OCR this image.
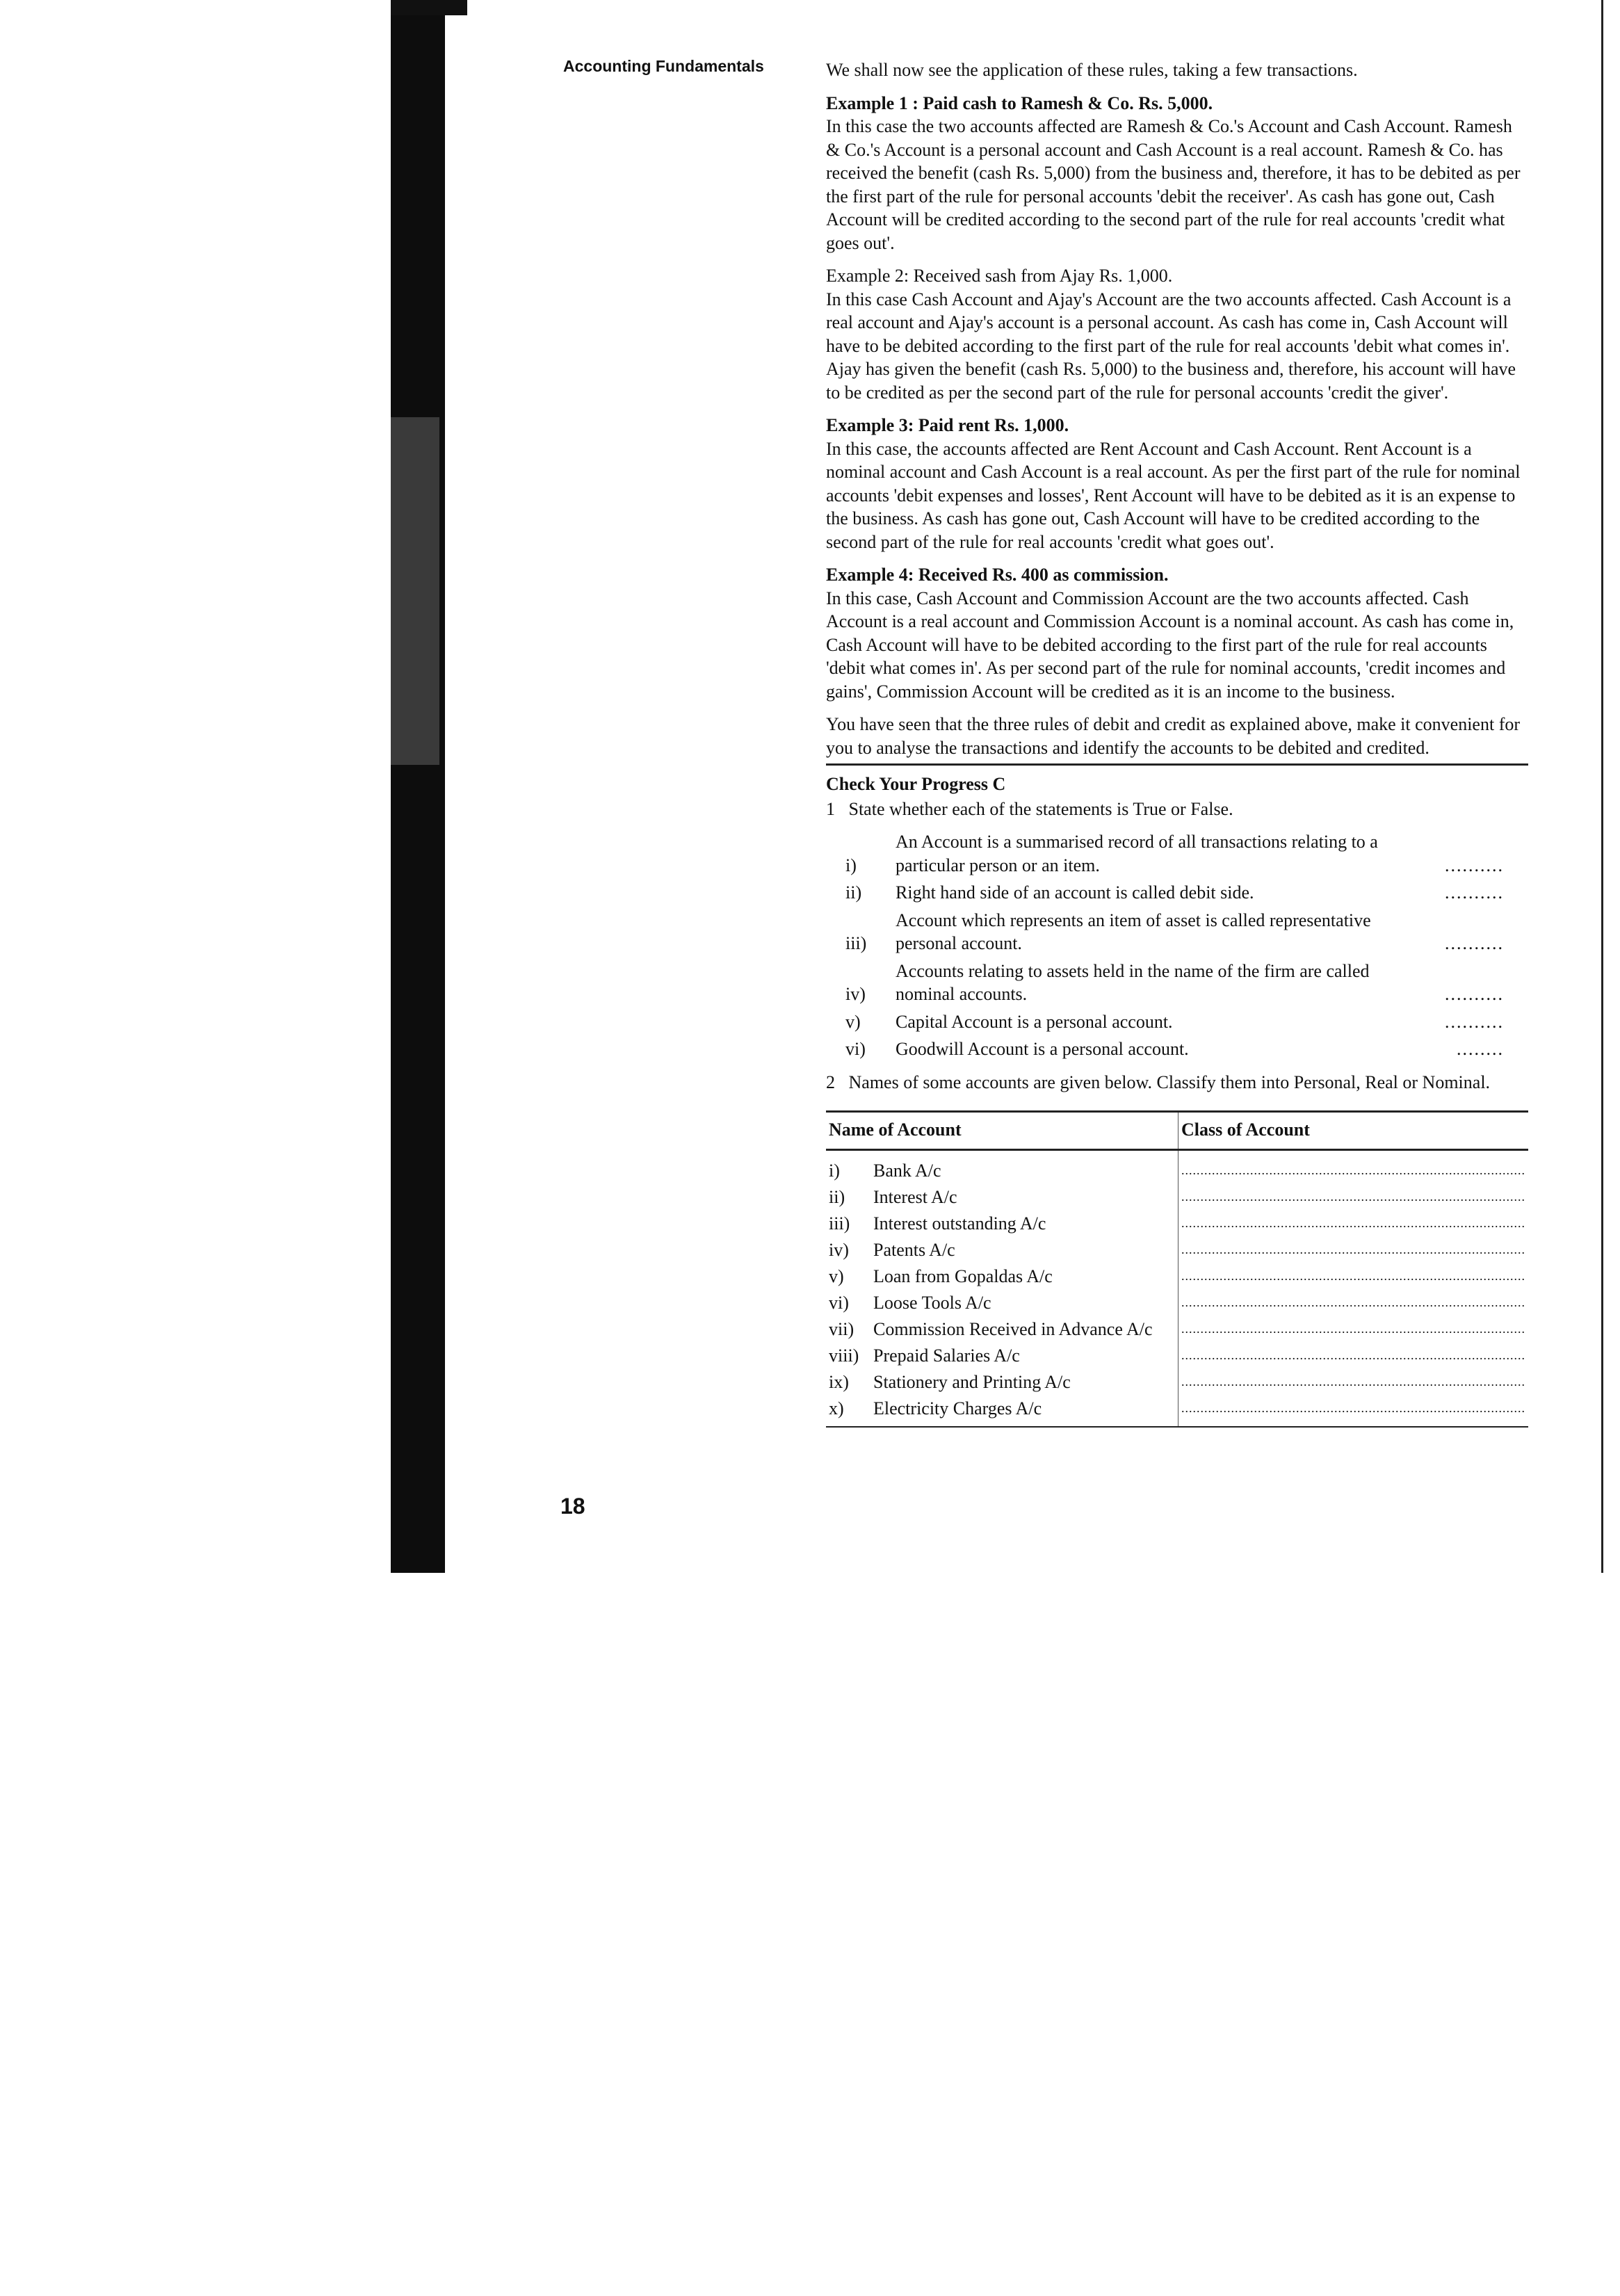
Accounting Fundamentals
18

We shall now see the application of these rules, taking a few transactions.

Example 1 : Paid cash to Ramesh & Co. Rs. 5,000.
In this case the two accounts affected are Ramesh & Co.'s Account and Cash Account. Ramesh & Co.'s Account is a personal account and Cash Account is a real account. Ramesh & Co. has received the benefit (cash Rs. 5,000) from the business and, therefore, it has to be debited as per the first part of the rule for personal accounts 'debit the receiver'. As cash has gone out, Cash Account will be credited according to the second part of the rule for real accounts 'credit what goes out'.

Example 2: Received sash from Ajay Rs. 1,000.
In this case Cash Account and Ajay's Account are the two accounts affected. Cash Account is a real account and Ajay's account is a personal account. As cash has come in, Cash Account will have to be debited according to the first part of the rule for real accounts 'debit what comes in'. Ajay has given the benefit (cash Rs. 5,000) to the business and, therefore, his account will have to be credited as per the second part of the rule for personal accounts 'credit the giver'.

Example 3: Paid rent Rs. 1,000.
In this case, the accounts affected are Rent Account and Cash Account. Rent Account is a nominal account and Cash Account is a real account. As per the first part of the rule for nominal accounts 'debit expenses and losses', Rent Account will have to be debited as it is an expense to the business. As cash has gone out, Cash Account will have to be credited according to the second part of the rule for real accounts 'credit what goes out'.

Example 4: Received Rs. 400 as commission.
In this case, Cash Account and Commission Account are the two accounts affected. Cash Account is a real account and Commission Account is a nominal account. As cash has come in, Cash Account will have to be debited according to the first part of the rule for real accounts 'debit what comes in'. As per second part of the rule for nominal accounts, 'credit incomes and gains', Commission Account will be credited as it is an income to the business.

You have seen that the three rules of debit and credit as explained above, make it convenient for you to analyse the transactions and identify the accounts to be debited and credited.

Check Your Progress C
1 State whether each of the statements is True or False.
i)
An Account is a summarised record of all transactions relating to a particular person or an item.	..........
ii)	Right hand side of an account is called debit side.	..........
iii)
Account which represents an item of asset is called representative personal account.	..........
iv)
Accounts relating to assets held in the name of the firm are called nominal accounts.	..........
v)	Capital Account is a personal account.	..........
vi)	Goodwill Account is a personal account.	........
2 Names of some accounts are given below. Classify them into Personal, Real or Nominal.
Name of Account	Class of Account
i) Bank A/c	..........................................................................................

ii) Interest A/c	..........................................................................................

iii) Interest outstanding A/c	..........................................................................................

iv) Patents A/c	..........................................................................................

v) Loan from Gopaldas A/c	..........................................................................................

vi) Loose Tools A/c	..........................................................................................

vii) Commission Received in Advance A/c	..........................................................................................

viii) Prepaid Salaries A/c	..........................................................................................

ix) Stationery and Printing A/c	..........................................................................................

x) Electricity Charges A/c	..........................................................................................
